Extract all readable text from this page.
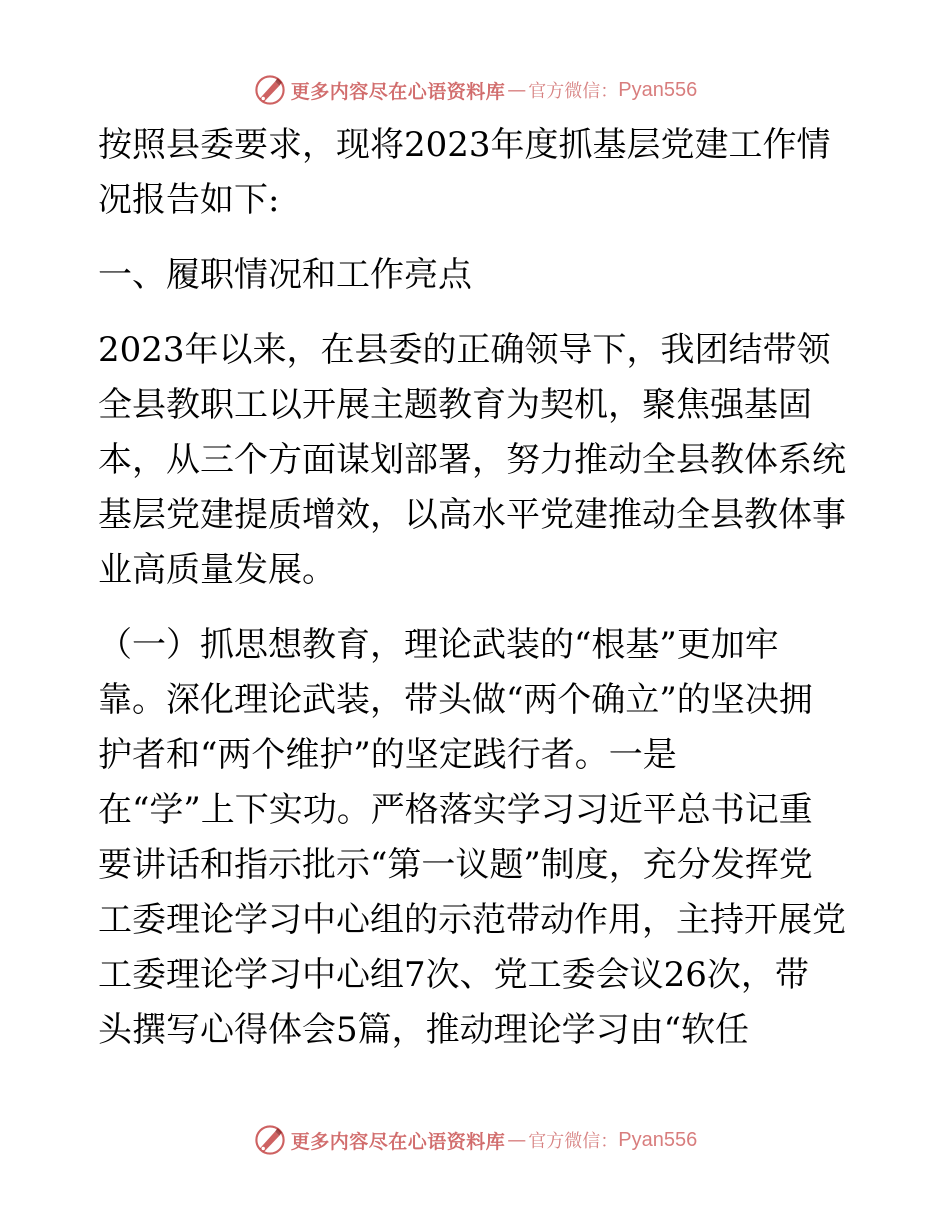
更多内容尽在心语资料库 — 官方微信： Pyan556

按照县委要求，现将2023年度抓基层党建工作情
况报告如下:

一、履职情况和工作亮点

2023年以来，在县委的正确领导下，我团结带领
全县教职工以开展主题教育为契机，聚焦强基固
本，从三个方面谋划部署，努力推动全县教体系统
基层党建提质增效，以高水平党建推动全县教体事
业高质量发展。

（一）抓思想教育，理论武装的“根基”更加牢
靠。深化理论武装，带头做“两个确立”的坚决拥
护者和“两个维护”的坚定践行者。一是
在“学”上下实功。严格落实学习习近平总书记重
要讲话和指示批示“第一议题”制度，充分发挥党
工委理论学习中心组的示范带动作用，主持开展党
工委理论学习中心组7次、党工委会议26次，带
头撰写心得体会5篇，推动理论学习由“软任

更多内容尽在心语资料库 — 官方微信： Pyan556
